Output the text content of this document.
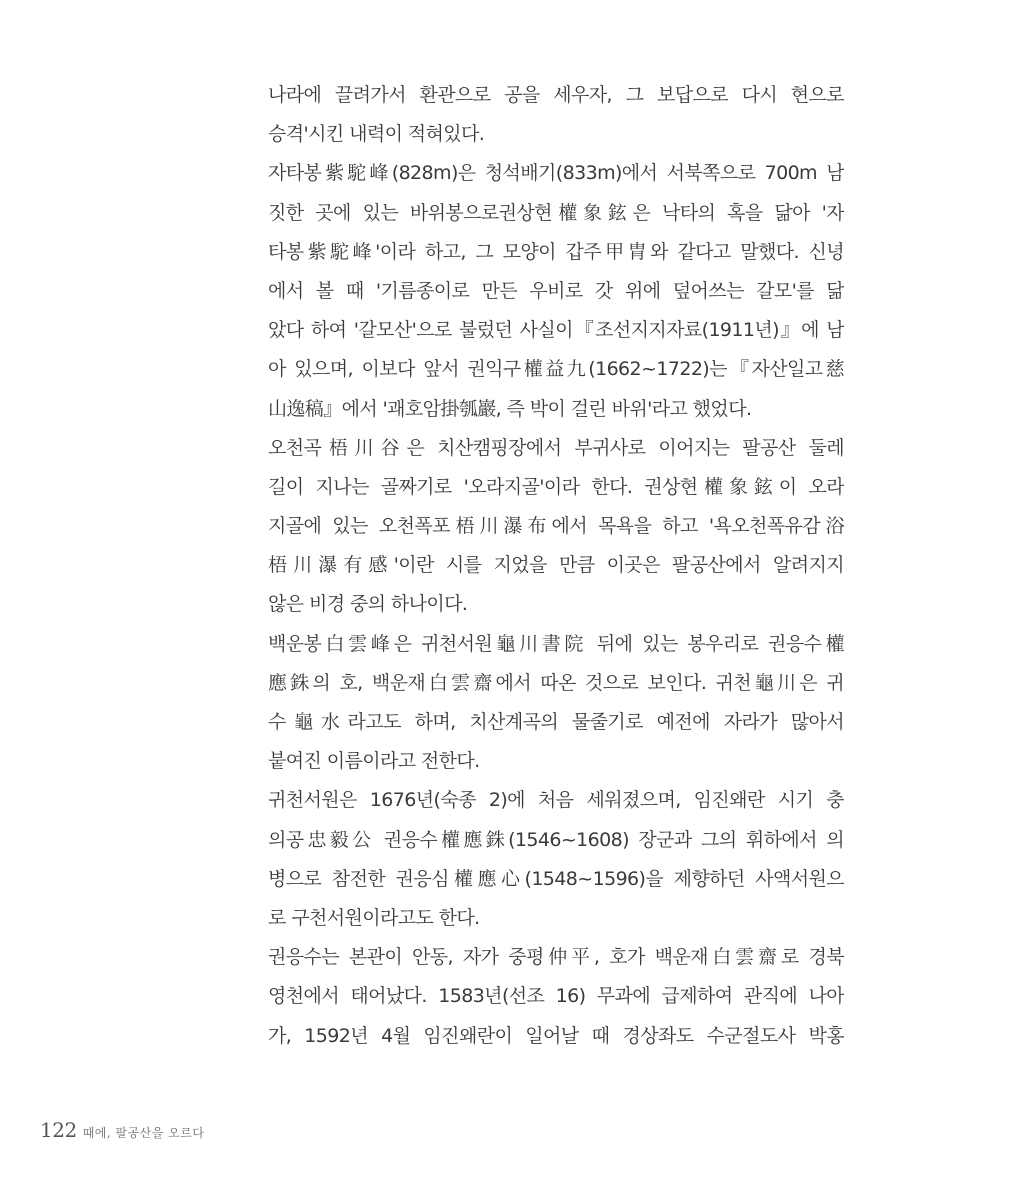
나라에 끌려가서 환관으로 공을 세우자, 그 보답으로 다시 현으로
승격'시킨 내력이 적혀있다.
자타봉紫駝峰(828m)은 청석배기(833m)에서 서북쪽으로 700m 남
짓한 곳에 있는 바위봉으로권상현權象鉉은 낙타의 혹을 닮아 '자
타봉紫駝峰'이라 하고, 그 모양이 갑주甲胄와 같다고 말했다. 신녕
에서 볼 때 '기름종이로 만든 우비로 갓 위에 덮어쓰는 갈모'를 닮
았다 하여 '갈모산'으로 불렀던 사실이『조선지지자료(1911년)』에 남
아 있으며, 이보다 앞서 권익구權益九(1662~1722)는『자산일고慈
山逸稿』에서 '괘호암掛瓠巖, 즉 박이 걸린 바위'라고 했었다.
오천곡梧川谷은 치산캠핑장에서 부귀사로 이어지는 팔공산 둘레
길이 지나는 골짜기로 '오라지골'이라 한다. 권상현權象鉉이 오라
지골에 있는 오천폭포梧川瀑布에서 목욕을 하고 '욕오천폭유감浴
梧川瀑有感'이란 시를 지었을 만큼 이곳은 팔공산에서 알려지지
않은 비경 중의 하나이다.
백운봉白雲峰은 귀천서원龜川書院 뒤에 있는 봉우리로 권응수權
應銖의 호, 백운재白雲齋에서 따온 것으로 보인다. 귀천龜川은 귀
수龜水라고도 하며, 치산계곡의 물줄기로 예전에 자라가 많아서
붙여진 이름이라고 전한다.
귀천서원은 1676년(숙종 2)에 처음 세워졌으며, 임진왜란 시기 충
의공忠毅公 권응수權應銖(1546~1608) 장군과 그의 휘하에서 의
병으로 참전한 권응심權應心(1548~1596)을 제향하던 사액서원으
로 구천서원이라고도 한다.
권응수는 본관이 안동, 자가 중평仲平, 호가 백운재白雲齋로 경북
영천에서 태어났다. 1583년(선조 16) 무과에 급제하여 관직에 나아
가, 1592년 4월 임진왜란이 일어날 때 경상좌도 수군절도사 박홍
122 때에, 팔공산을 오르다
